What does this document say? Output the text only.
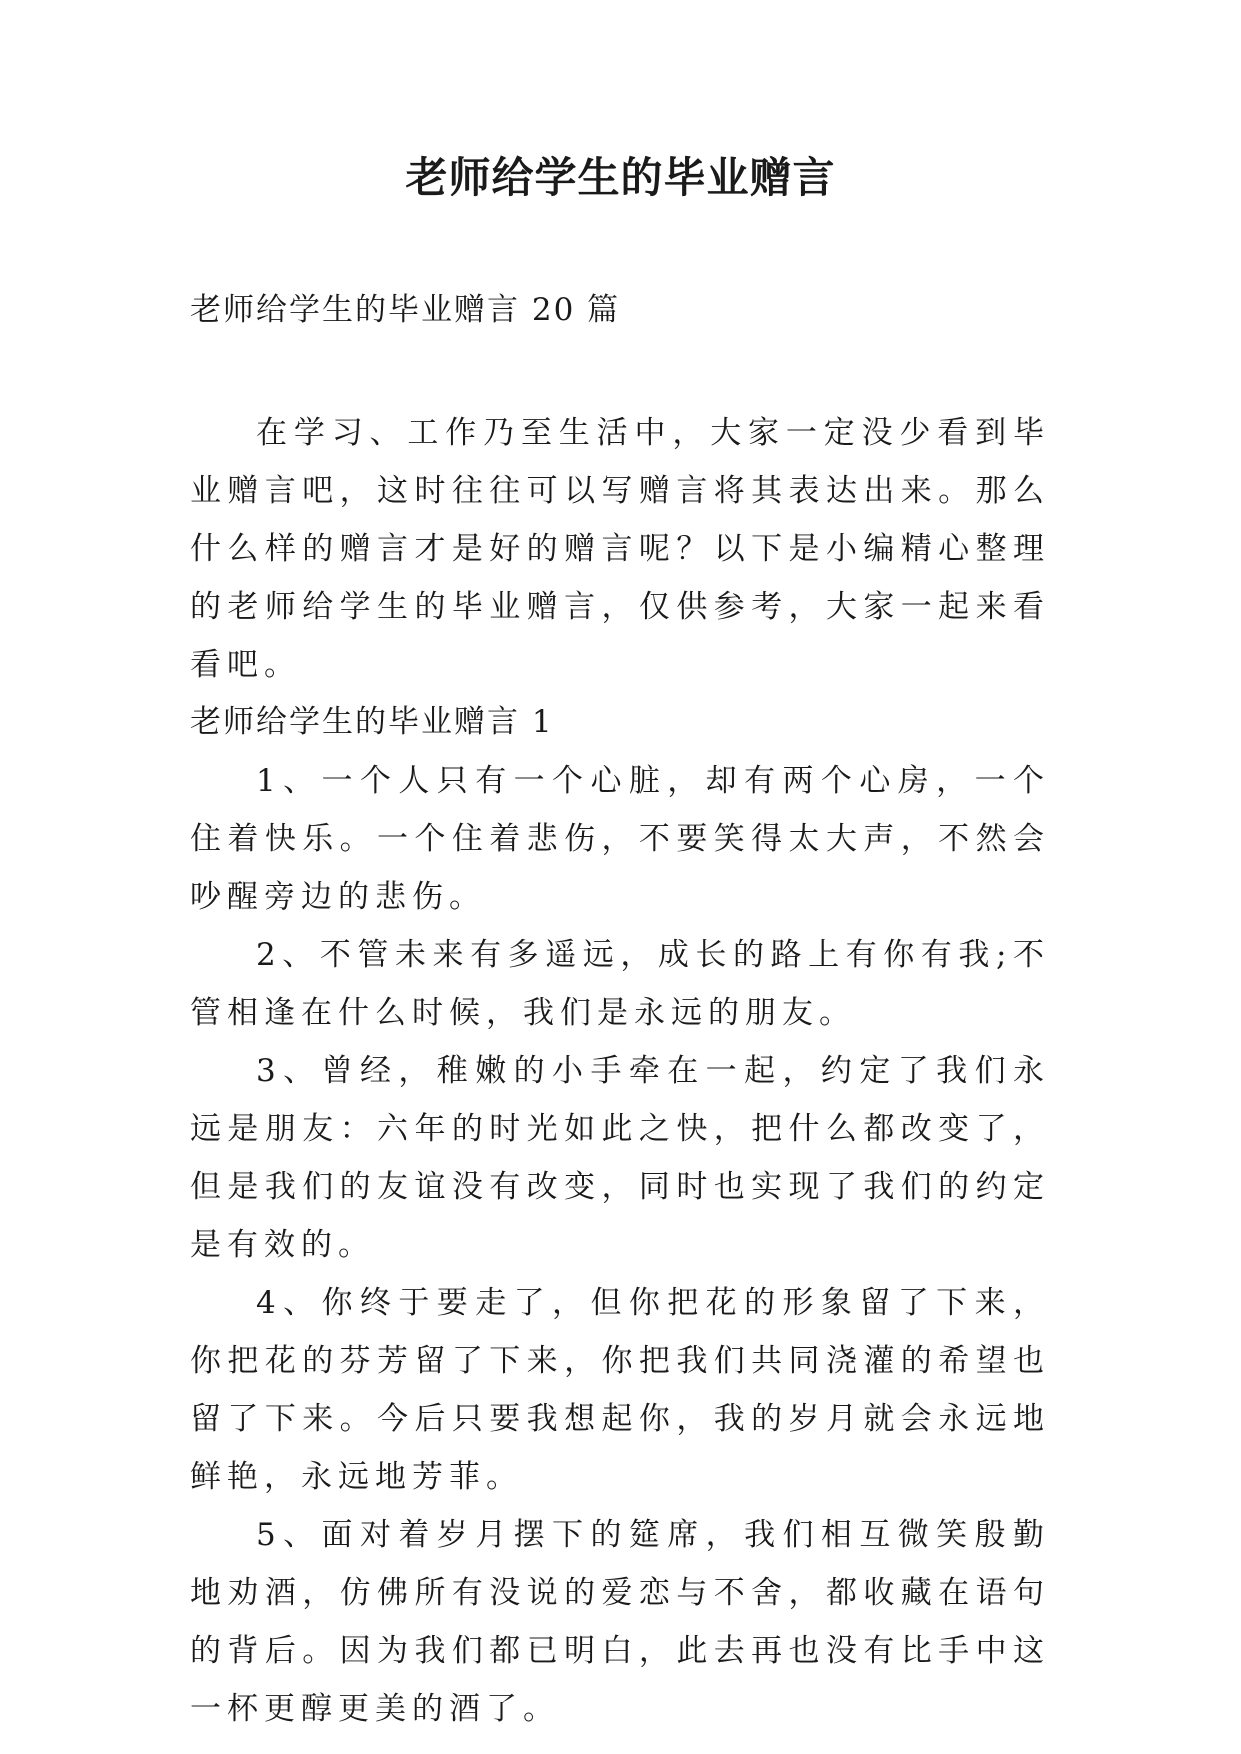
老师给学生的毕业赠言

老师给学生的毕业赠言 20 篇

在学习、工作乃至生活中，大家一定没少看到毕业赠言吧，这时往往可以写赠言将其表达出来。那么什么样的赠言才是好的赠言呢？以下是小编精心整理的老师给学生的毕业赠言，仅供参考，大家一起来看看吧。

老师给学生的毕业赠言 1

1、一个人只有一个心脏，却有两个心房，一个住着快乐。一个住着悲伤，不要笑得太大声，不然会吵醒旁边的悲伤。
2、不管未来有多遥远，成长的路上有你有我;不管相逢在什么时候，我们是永远的朋友。
3、曾经，稚嫩的小手牵在一起，约定了我们永远是朋友：六年的时光如此之快，把什么都改变了，但是我们的友谊没有改变，同时也实现了我们的约定是有效的。
4、你终于要走了，但你把花的形象留了下来，你把花的芬芳留了下来，你把我们共同浇灌的希望也留了下来。今后只要我想起你，我的岁月就会永远地鲜艳，永远地芳菲。
5、面对着岁月摆下的筵席，我们相互微笑殷勤地劝酒，仿佛所有没说的爱恋与不舍，都收藏在语句的背后。因为我们都已明白，此去再也没有比手中这一杯更醇更美的酒了。
